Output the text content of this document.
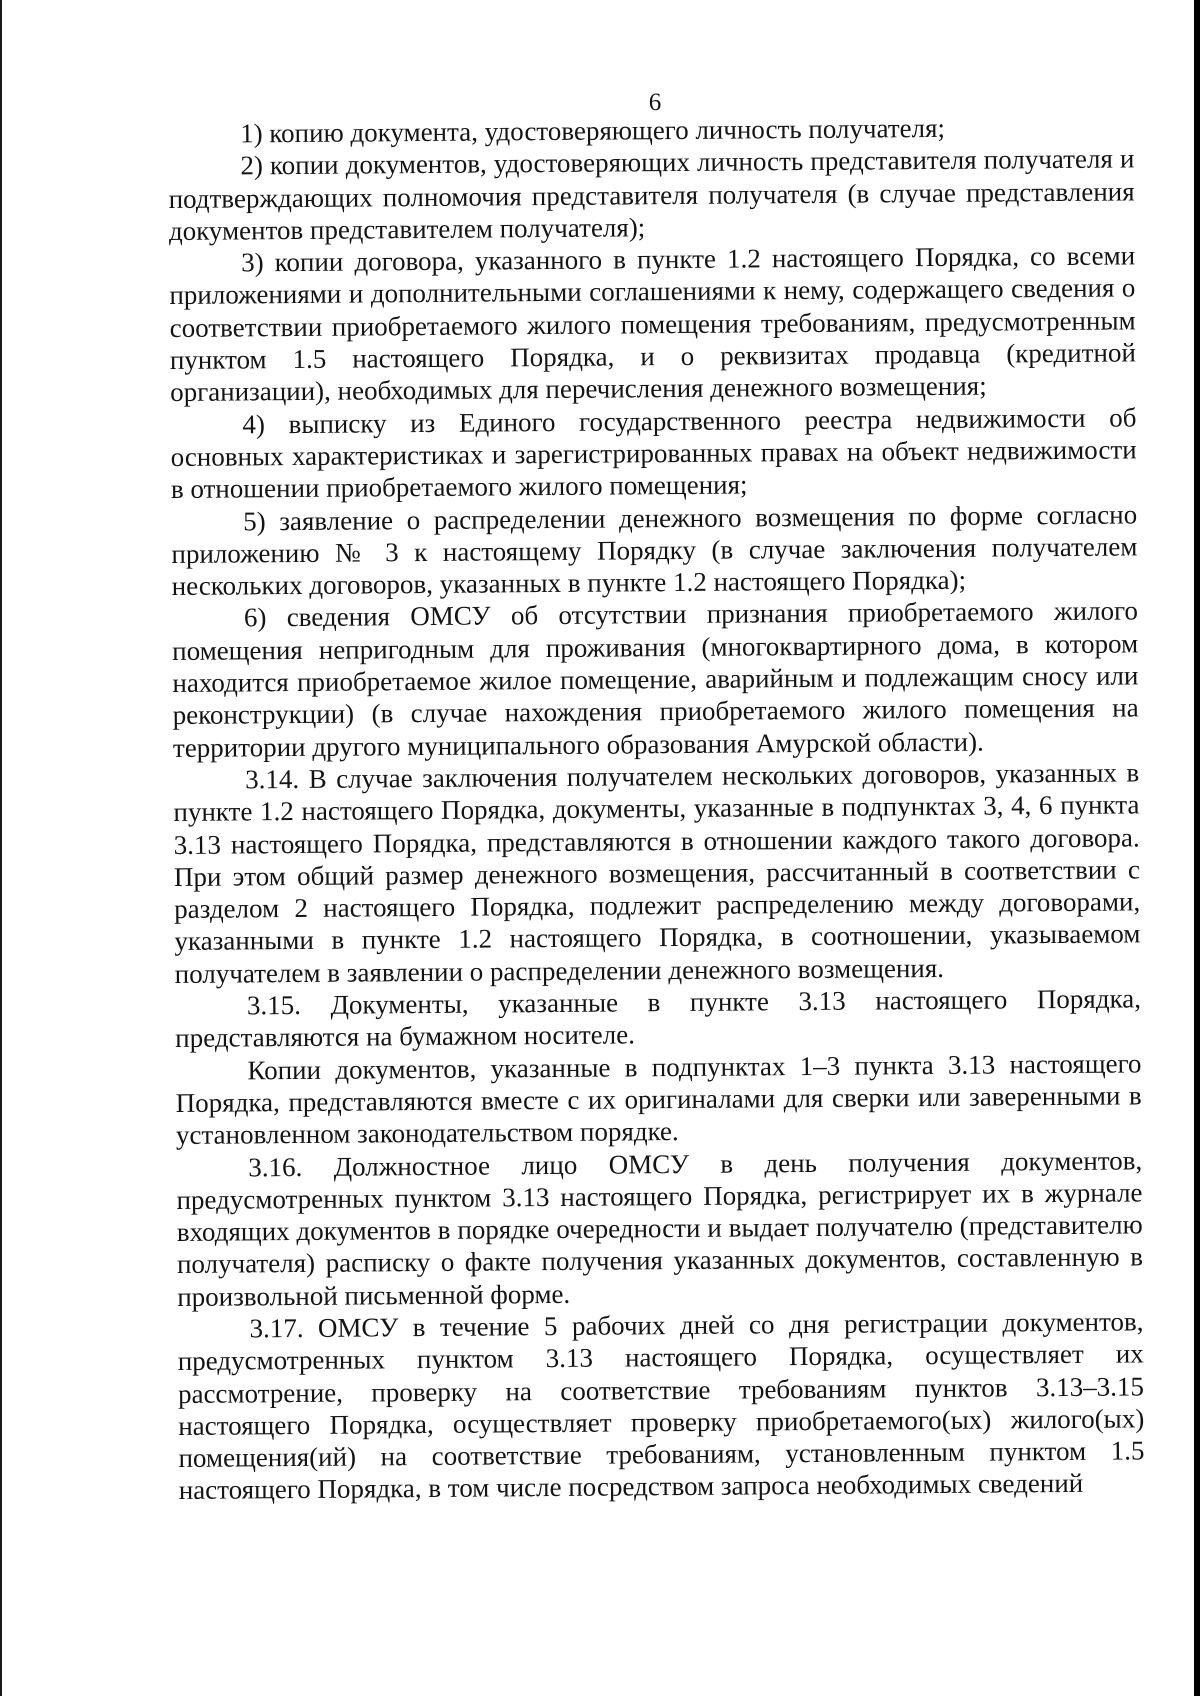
6

1) копию документа, удостоверяющего личность получателя;

2) копии документов, удостоверяющих личность представителя получателя и подтверждающих полномочия представителя получателя (в случае представления документов представителем получателя);

3) копии договора, указанного в пункте 1.2 настоящего Порядка, со всеми приложениями и дополнительными соглашениями к нему, содержащего сведения о соответствии приобретаемого жилого помещения требованиям, предусмотренным пунктом 1.5 настоящего Порядка, и о реквизитах продавца (кредитной организации), необходимых для перечисления денежного возмещения;

4) выписку из Единого государственного реестра недвижимости об основных характеристиках и зарегистрированных правах на объект недвижимости в отношении приобретаемого жилого помещения;

5) заявление о распределении денежного возмещения по форме согласно приложению № 3 к настоящему Порядку (в случае заключения получателем нескольких договоров, указанных в пункте 1.2 настоящего Порядка);

6) сведения ОМСУ об отсутствии признания приобретаемого жилого помещения непригодным для проживания (многоквартирного дома, в котором находится приобретаемое жилое помещение, аварийным и подлежащим сносу или реконструкции) (в случае нахождения приобретаемого жилого помещения на территории другого муниципального образования Амурской области).

3.14. В случае заключения получателем нескольких договоров, указанных в пункте 1.2 настоящего Порядка, документы, указанные в подпунктах 3, 4, 6 пункта 3.13 настоящего Порядка, представляются в отношении каждого такого договора. При этом общий размер денежного возмещения, рассчитанный в соответствии с разделом 2 настоящего Порядка, подлежит распределению между договорами, указанными в пункте 1.2 настоящего Порядка, в соотношении, указываемом получателем в заявлении о распределении денежного возмещения.

3.15. Документы, указанные в пункте 3.13 настоящего Порядка, представляются на бумажном носителе.

Копии документов, указанные в подпунктах 1–3 пункта 3.13 настоящего Порядка, представляются вместе с их оригиналами для сверки или заверенными в установленном законодательством порядке.

3.16. Должностное лицо ОМСУ в день получения документов, предусмотренных пунктом 3.13 настоящего Порядка, регистрирует их в журнале входящих документов в порядке очередности и выдает получателю (представителю получателя) расписку о факте получения указанных документов, составленную в произвольной письменной форме.

3.17. ОМСУ в течение 5 рабочих дней со дня регистрации документов, предусмотренных пунктом 3.13 настоящего Порядка, осуществляет их рассмотрение, проверку на соответствие требованиям пунктов 3.13–3.15 настоящего Порядка, осуществляет проверку приобретаемого(ых) жилого(ых) помещения(ий) на соответствие требованиям, установленным пунктом 1.5 настоящего Порядка, в том числе посредством запроса необходимых сведений
